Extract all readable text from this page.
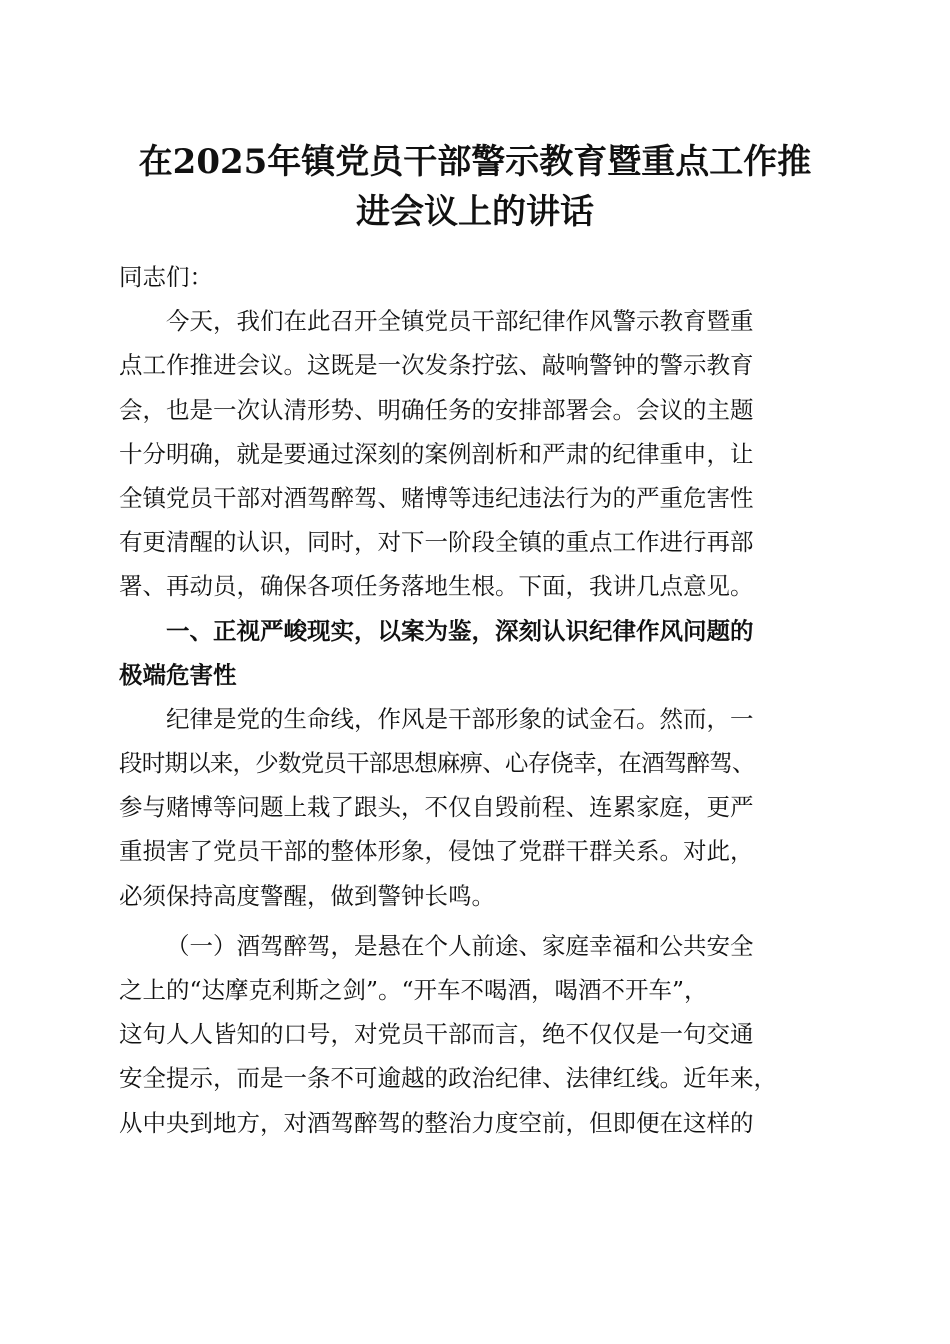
在2025年镇党员干部警示教育暨重点工作推
进会议上的讲话
同志们：
今天，我们在此召开全镇党员干部纪律作风警示教育暨重
点工作推进会议。这既是一次发条拧弦、敲响警钟的警示教育
会，也是一次认清形势、明确任务的安排部署会。会议的主题
十分明确，就是要通过深刻的案例剖析和严肃的纪律重申，让
全镇党员干部对酒驾醉驾、赌博等违纪违法行为的严重危害性
有更清醒的认识，同时，对下一阶段全镇的重点工作进行再部
署、再动员，确保各项任务落地生根。下面，我讲几点意见。
一、正视严峻现实，以案为鉴，深刻认识纪律作风问题的
极端危害性
纪律是党的生命线，作风是干部形象的试金石。然而，一
段时期以来，少数党员干部思想麻痹、心存侥幸，在酒驾醉驾、
参与赌博等问题上栽了跟头，不仅自毁前程、连累家庭，更严
重损害了党员干部的整体形象，侵蚀了党群干群关系。对此，
必须保持高度警醒，做到警钟长鸣。
（一）酒驾醉驾，是悬在个人前途、家庭幸福和公共安全
之上的“达摩克利斯之剑”。“开车不喝酒，喝酒不开车”，
这句人人皆知的口号，对党员干部而言，绝不仅仅是一句交通
安全提示，而是一条不可逾越的政治纪律、法律红线。近年来，
从中央到地方，对酒驾醉驾的整治力度空前，但即便在这样的
